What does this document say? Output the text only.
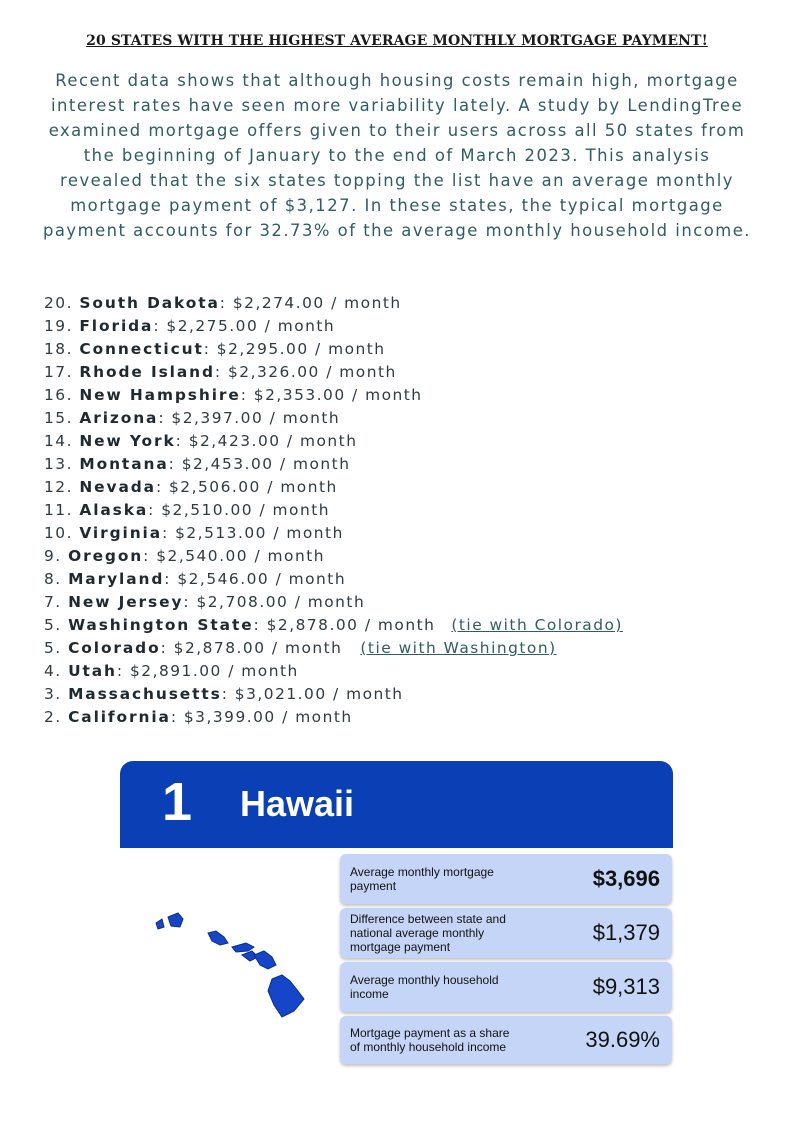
20 STATES WITH THE HIGHEST AVERAGE MONTHLY MORTGAGE PAYMENT!
Recent data shows that although housing costs remain high, mortgage interest rates have seen more variability lately. A study by LendingTree examined mortgage offers given to their users across all 50 states from the beginning of January to the end of March 2023. This analysis revealed that the six states topping the list have an average monthly mortgage payment of $3,127. In these states, the typical mortgage payment accounts for 32.73% of the average monthly household income.
20. South Dakota: $2,274.00 / month
19. Florida: $2,275.00 / month
18. Connecticut: $2,295.00 / month
17. Rhode Island: $2,326.00 / month
16. New Hampshire: $2,353.00 / month
15. Arizona: $2,397.00 / month
14. New York: $2,423.00 / month
13. Montana: $2,453.00 / month
12. Nevada: $2,506.00 / month
11. Alaska: $2,510.00 / month
10. Virginia: $2,513.00 / month
9. Oregon: $2,540.00 / month
8. Maryland: $2,546.00 / month
7. New Jersey: $2,708.00 / month
5. Washington State: $2,878.00 / month (tie with Colorado)
5. Colorado: $2,878.00 / month (tie with Washington)
4. Utah: $2,891.00 / month
3. Massachusetts: $3,021.00 / month
2. California: $3,399.00 / month
1 Hawaii
Average monthly mortgage payment	$3,696
Difference between state and national average monthly mortgage payment
$1,379
Average monthly household income	$9,313
Mortgage payment as a share of monthly household income	39.69%
